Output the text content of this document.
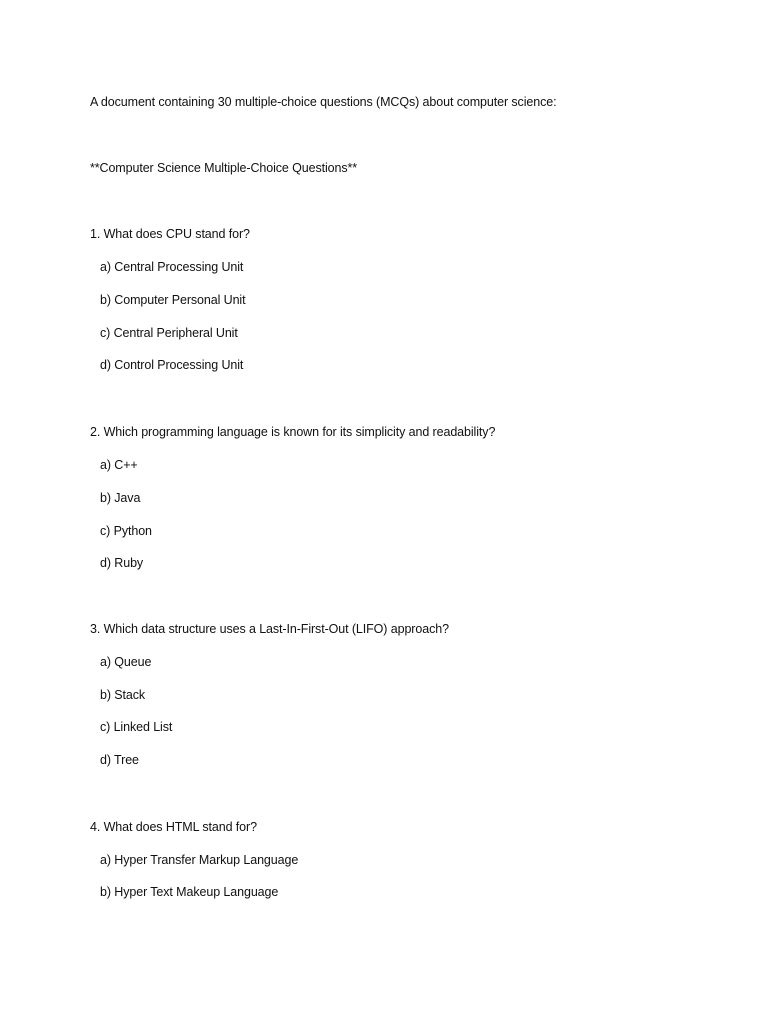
A document containing 30 multiple-choice questions (MCQs) about computer science:
**Computer Science Multiple-Choice Questions**
1. What does CPU stand for?
a) Central Processing Unit
b) Computer Personal Unit
c) Central Peripheral Unit
d) Control Processing Unit
2. Which programming language is known for its simplicity and readability?
a) C++
b) Java
c) Python
d) Ruby
3. Which data structure uses a Last-In-First-Out (LIFO) approach?
a) Queue
b) Stack
c) Linked List
d) Tree
4. What does HTML stand for?
a) Hyper Transfer Markup Language
b) Hyper Text Makeup Language
